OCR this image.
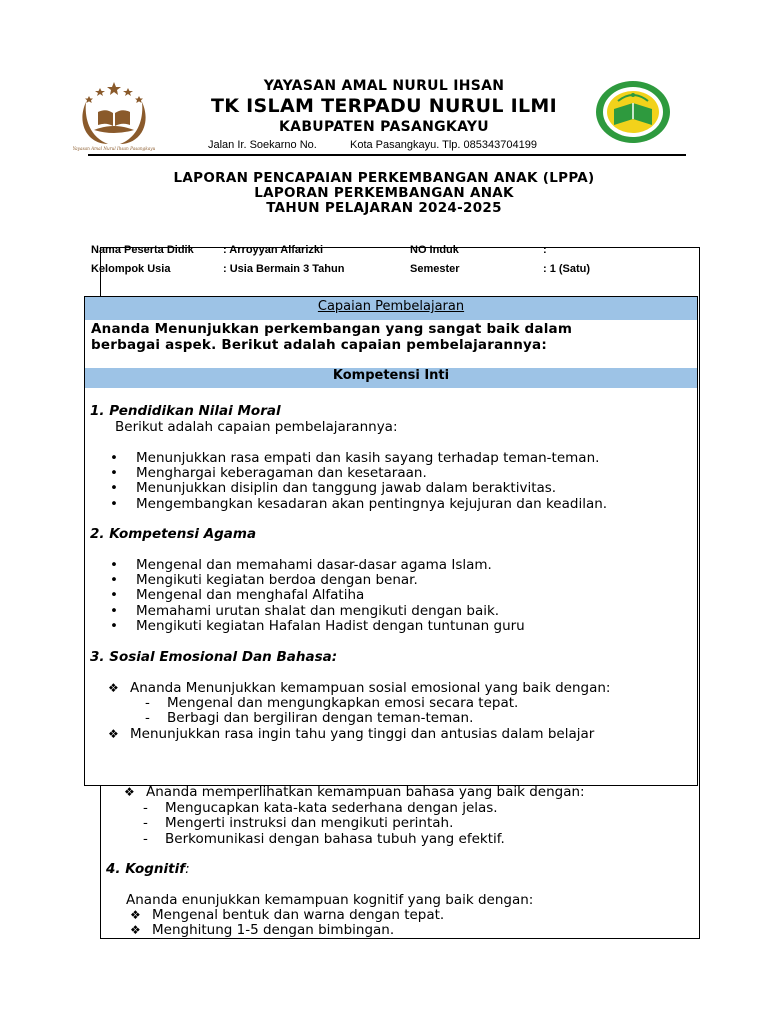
Yayasan Amal Nurul Ihsan Pasangkayu
YAYASAN AMAL NURUL IHSAN
TK ISLAM TERPADU NURUL ILMI
KABUPATEN PASANGKAYU
Jalan Ir. Soekarno No.	Kota Pasangkayu. Tlp. 085343704199
LAPORAN PENCAPAIAN PERKEMBANGAN ANAK (LPPA)
LAPORAN PERKEMBANGAN ANAK
TAHUN PELAJARAN 2024-2025
Nama Peserta Didik	: Arroyyan Alfarizki	NO Induk	:
Kelompok Usia	: Usia Bermain 3 Tahun	Semester	: 1 (Satu)
Capaian Pembelajaran
Ananda Menunjukkan perkembangan yang sangat baik dalam
berbagai aspek. Berikut adalah capaian pembelajarannya:
Kompetensi Inti
1. Pendidikan Nilai Moral
Berikut adalah capaian pembelajarannya:
• Menunjukkan rasa empati dan kasih sayang terhadap teman-teman.
• Menghargai keberagaman dan kesetaraan.
• Menunjukkan disiplin dan tanggung jawab dalam beraktivitas.
• Mengembangkan kesadaran akan pentingnya kejujuran dan keadilan.
2. Kompetensi Agama
• Mengenal dan memahami dasar-dasar agama Islam.
• Mengikuti kegiatan berdoa dengan benar.
• Mengenal dan menghafal Alfatiha
• Memahami urutan shalat dan mengikuti dengan baik.
• Mengikuti kegiatan Hafalan Hadist dengan tuntunan guru
3. Sosial Emosional Dan Bahasa:
❖ Ananda Menunjukkan kemampuan sosial emosional yang baik dengan:
- Mengenal dan mengungkapkan emosi secara tepat.
- Berbagi dan bergiliran dengan teman-teman.
❖ Menunjukkan rasa ingin tahu yang tinggi dan antusias dalam belajar
❖ Ananda memperlihatkan kemampuan bahasa yang baik dengan:
- Mengucapkan kata-kata sederhana dengan jelas.
- Mengerti instruksi dan mengikuti perintah.
- Berkomunikasi dengan bahasa tubuh yang efektif.
4. Kognitif:
Ananda enunjukkan kemampuan kognitif yang baik dengan:
❖ Mengenal bentuk dan warna dengan tepat.
❖ Menghitung 1-5 dengan bimbingan.
